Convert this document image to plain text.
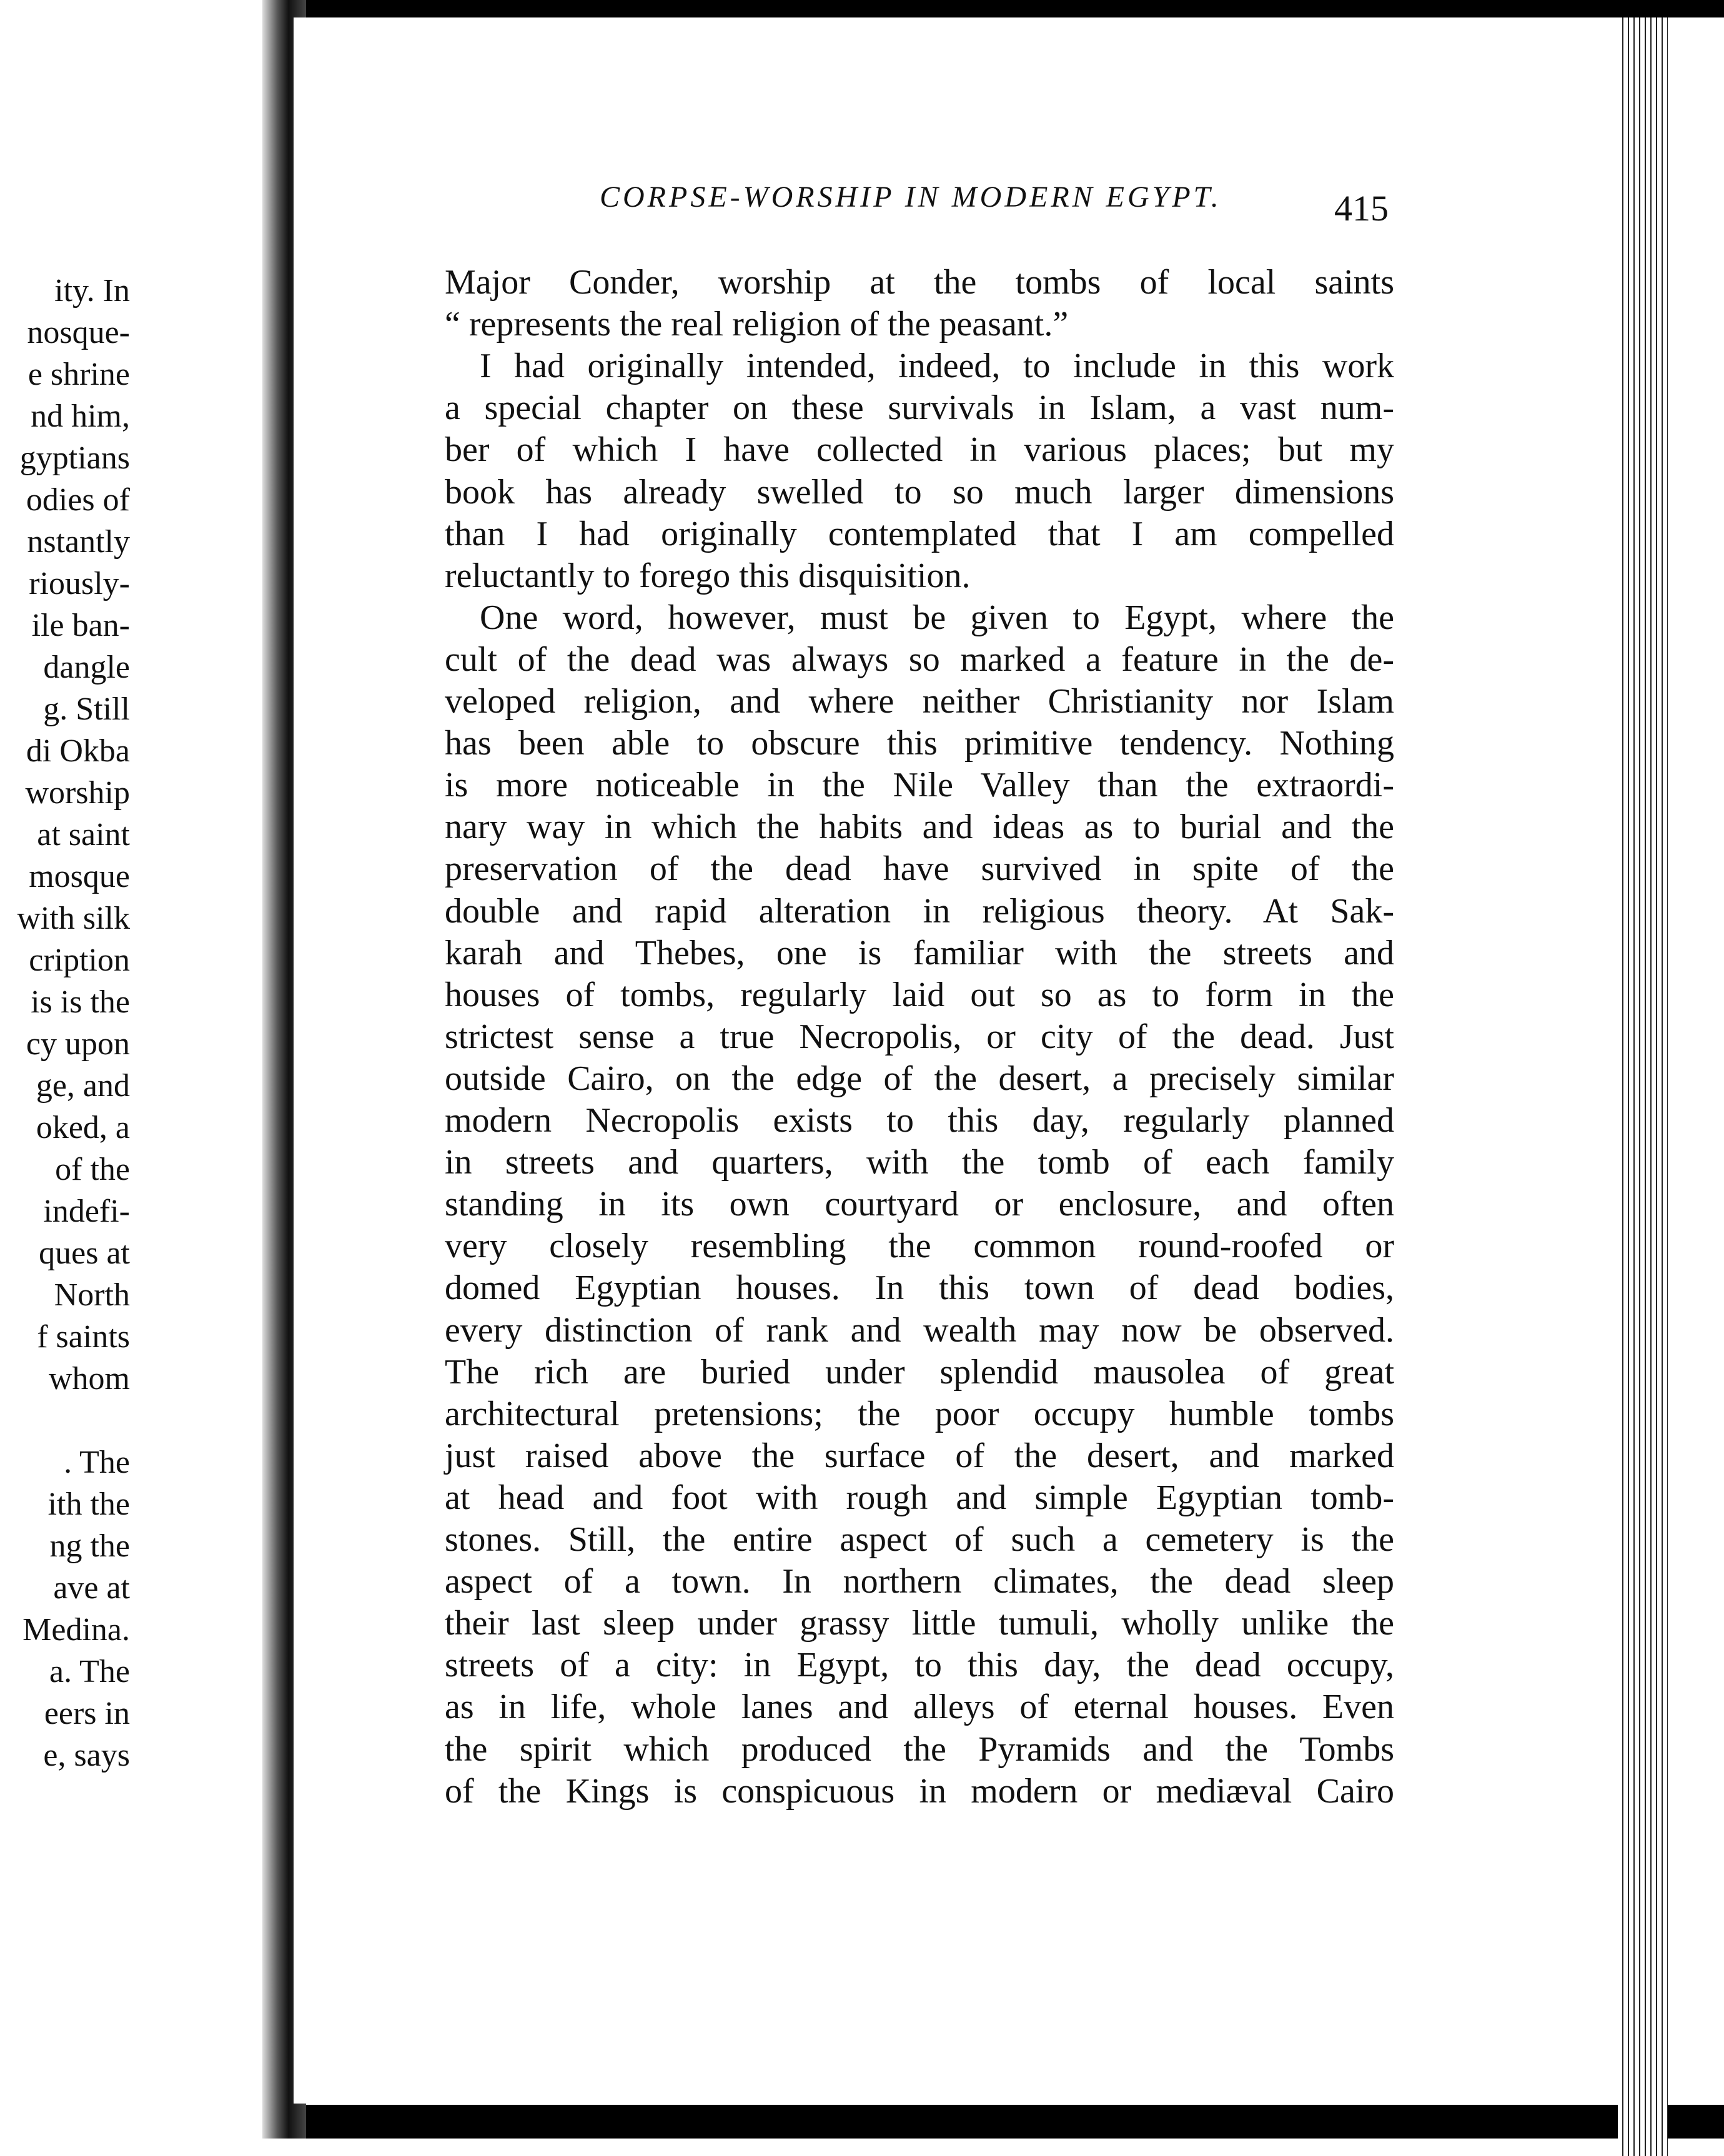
ity. In
nosque-
e shrine
nd him,
gyptians
odies of
nstantly
riously-
ile ban-
dangle
g. Still
di Okba
worship
at saint
mosque
with silk
cription
is is the
cy upon
ge, and
oked, a
of the
indefi-
ques at
North
f saints
whom
. The
ith the
ng the
ave at
Medina.
a. The
eers in
e, says
CORPSE-WORSHIP IN MODERN EGYPT.	415
Major Conder, worship at the tombs of local saints
“ represents the real religion of the peasant.”
I had originally intended, indeed, to include in this work
a special chapter on these survivals in Islam, a vast num-
ber of which I have collected in various places; but my
book has already swelled to so much larger dimensions
than I had originally contemplated that I am compelled
reluctantly to forego this disquisition.
One word, however, must be given to Egypt, where the
cult of the dead was always so marked a feature in the de-
veloped religion, and where neither Christianity nor Islam
has been able to obscure this primitive tendency. Nothing
is more noticeable in the Nile Valley than the extraordi-
nary way in which the habits and ideas as to burial and the
preservation of the dead have survived in spite of the
double and rapid alteration in religious theory. At Sak-
karah and Thebes, one is familiar with the streets and
houses of tombs, regularly laid out so as to form in the
strictest sense a true Necropolis, or city of the dead. Just
outside Cairo, on the edge of the desert, a precisely similar
modern Necropolis exists to this day, regularly planned
in streets and quarters, with the tomb of each family
standing in its own courtyard or enclosure, and often
very closely resembling the common round-roofed or
domed Egyptian houses. In this town of dead bodies,
every distinction of rank and wealth may now be observed.
The rich are buried under splendid mausolea of great
architectural pretensions; the poor occupy humble tombs
just raised above the surface of the desert, and marked
at head and foot with rough and simple Egyptian tomb-
stones. Still, the entire aspect of such a cemetery is the
aspect of a town. In northern climates, the dead sleep
their last sleep under grassy little tumuli, wholly unlike the
streets of a city: in Egypt, to this day, the dead occupy,
as in life, whole lanes and alleys of eternal houses. Even
the spirit which produced the Pyramids and the Tombs
of the Kings is conspicuous in modern or mediæval Cairo
